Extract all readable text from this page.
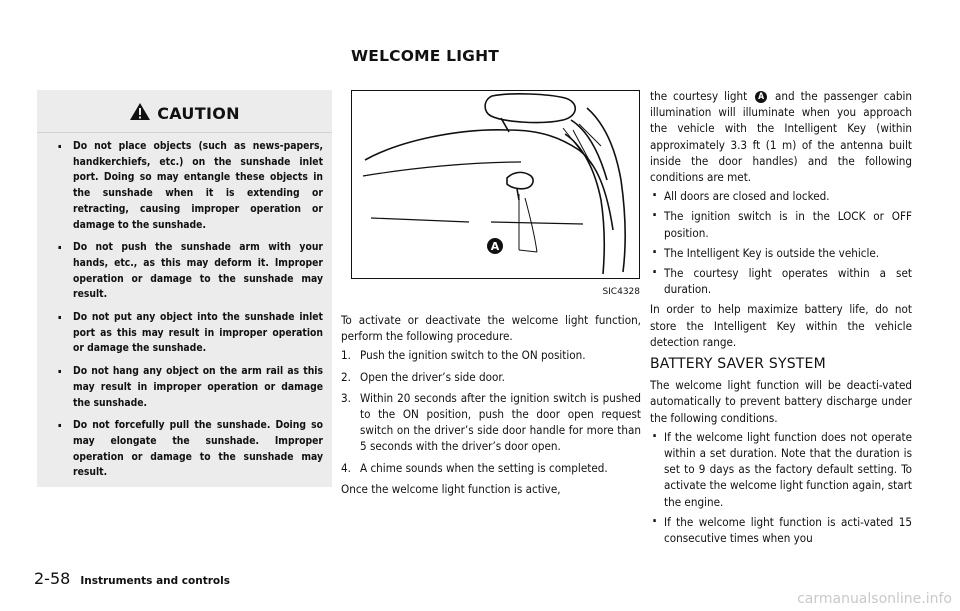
WELCOME LIGHT
CAUTION
. Do not place objects (such as news-papers, handkerchiefs, etc.) on the sunshade inlet port. Doing so may entangle these objects in the sunshade when it is extending or retracting, causing improper operation or damage to the sunshade.
. Do not push the sunshade arm with your hands, etc., as this may deform it. Improper operation or damage to the sunshade may result.
. Do not put any object into the sunshade inlet port as this may result in improper operation or damage the sunshade.
. Do not hang any object on the arm rail as this may result in improper operation or damage the sunshade.
. Do not forcefully pull the sunshade. Doing so may elongate the sunshade. Improper operation or damage to the sunshade may result.
A
SIC4328

To activate or deactivate the welcome light function, perform the following procedure.

1. Push the ignition switch to the ON position.
2. Open the driver’s side door.
3. Within 20 seconds after the ignition switch is pushed to the ON position, push the door open request switch on the driver’s side door handle for more than 5 seconds with the driver’s door open.
4. A chime sounds when the setting is completed.

Once the welcome light function is active,

the courtesy light A and the passenger cabin illumination will illuminate when you approach the vehicle with the Intelligent Key (within approximately 3.3 ft (1 m) of the antenna built inside the door handles) and the following conditions are met.

. All doors are closed and locked.
. The ignition switch is in the LOCK or OFF position.
. The Intelligent Key is outside the vehicle.
. The courtesy light operates within a set duration.

In order to help maximize battery life, do not store the Intelligent Key within the vehicle detection range.

BATTERY SAVER SYSTEM

The welcome light function will be deacti-vated automatically to prevent battery discharge under the following conditions.

. If the welcome light function does not operate within a set duration. Note that the duration is set to 9 days as the factory default setting. To activate the welcome light function again, start the engine.
. If the welcome light function is acti-vated 15 consecutive times when you
2-58 Instruments and controls
carmanualsonline.info
